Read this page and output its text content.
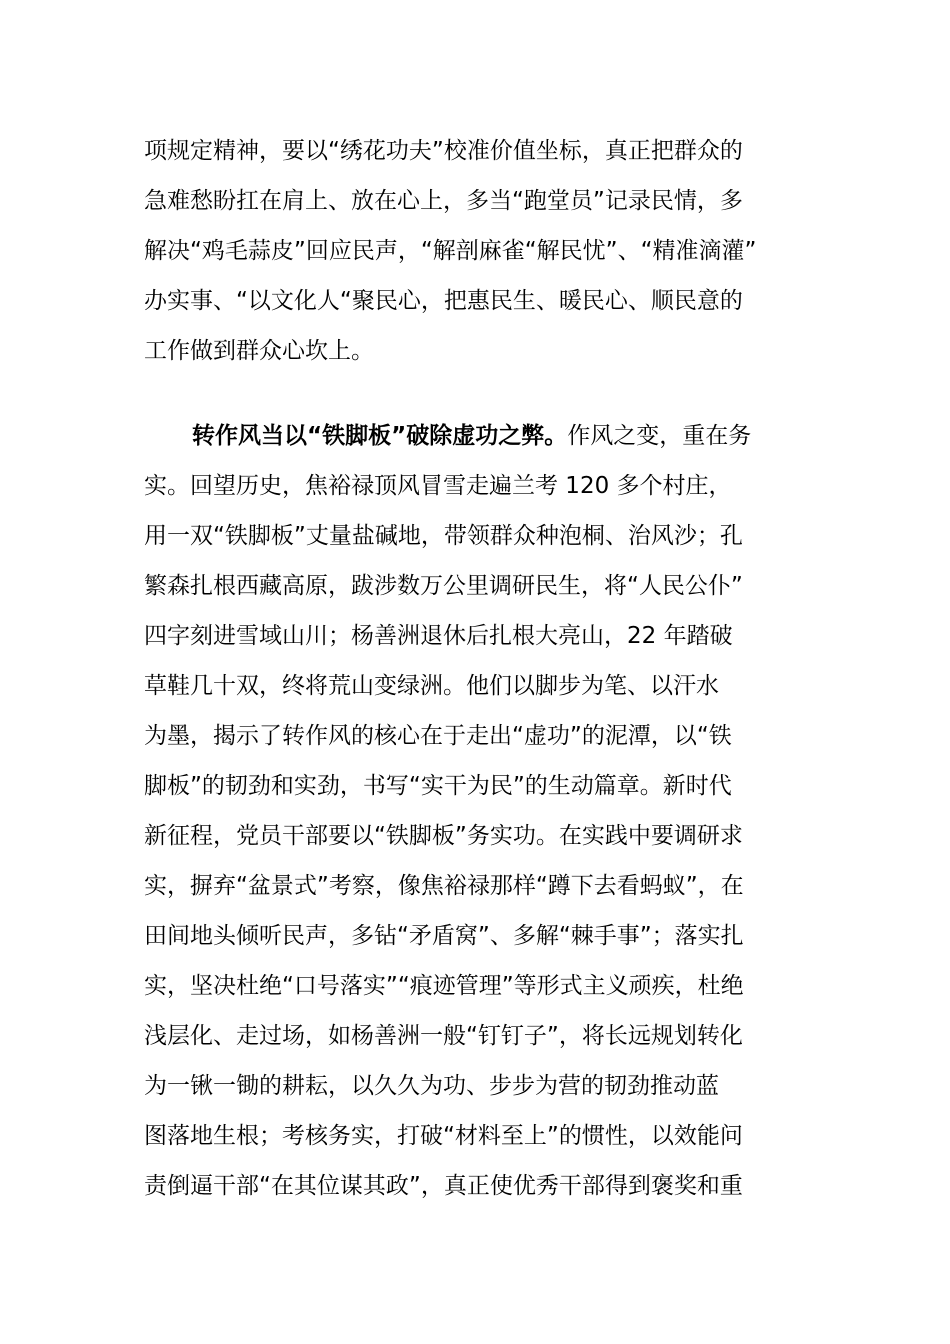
项规定精神，要以“绣花功夫”校准价值坐标，真正把群众的
急难愁盼扛在肩上、放在心上，多当“跑堂员”记录民情，多
解决“鸡毛蒜皮”回应民声，“解剖麻雀“解民忧”、“精准滴灌”
办实事、“以文化人“聚民心，把惠民生、暖民心、顺民意的
工作做到群众心坎上。
转作风当以“铁脚板”破除虚功之弊。作风之变，重在务
实。回望历史，焦裕禄顶风冒雪走遍兰考 120 多个村庄，
用一双“铁脚板”丈量盐碱地，带领群众种泡桐、治风沙；孔
繁森扎根西藏高原，跋涉数万公里调研民生，将“人民公仆”
四字刻进雪域山川；杨善洲退休后扎根大亮山，22 年踏破
草鞋几十双，终将荒山变绿洲。他们以脚步为笔、以汗水
为墨，揭示了转作风的核心在于走出“虚功”的泥潭，以“铁
脚板”的韧劲和实劲，书写“实干为民”的生动篇章。新时代
新征程，党员干部要以“铁脚板”务实功。在实践中要调研求
实，摒弃“盆景式”考察，像焦裕禄那样“蹲下去看蚂蚁”，在
田间地头倾听民声，多钻“矛盾窝”、多解“棘手事”；落实扎
实，坚决杜绝“口号落实”“痕迹管理”等形式主义顽疾，杜绝
浅层化、走过场，如杨善洲一般“钉钉子”，将长远规划转化
为一锹一锄的耕耘，以久久为功、步步为营的韧劲推动蓝
图落地生根；考核务实，打破“材料至上”的惯性，以效能问
责倒逼干部“在其位谋其政”，真正使优秀干部得到褒奖和重
